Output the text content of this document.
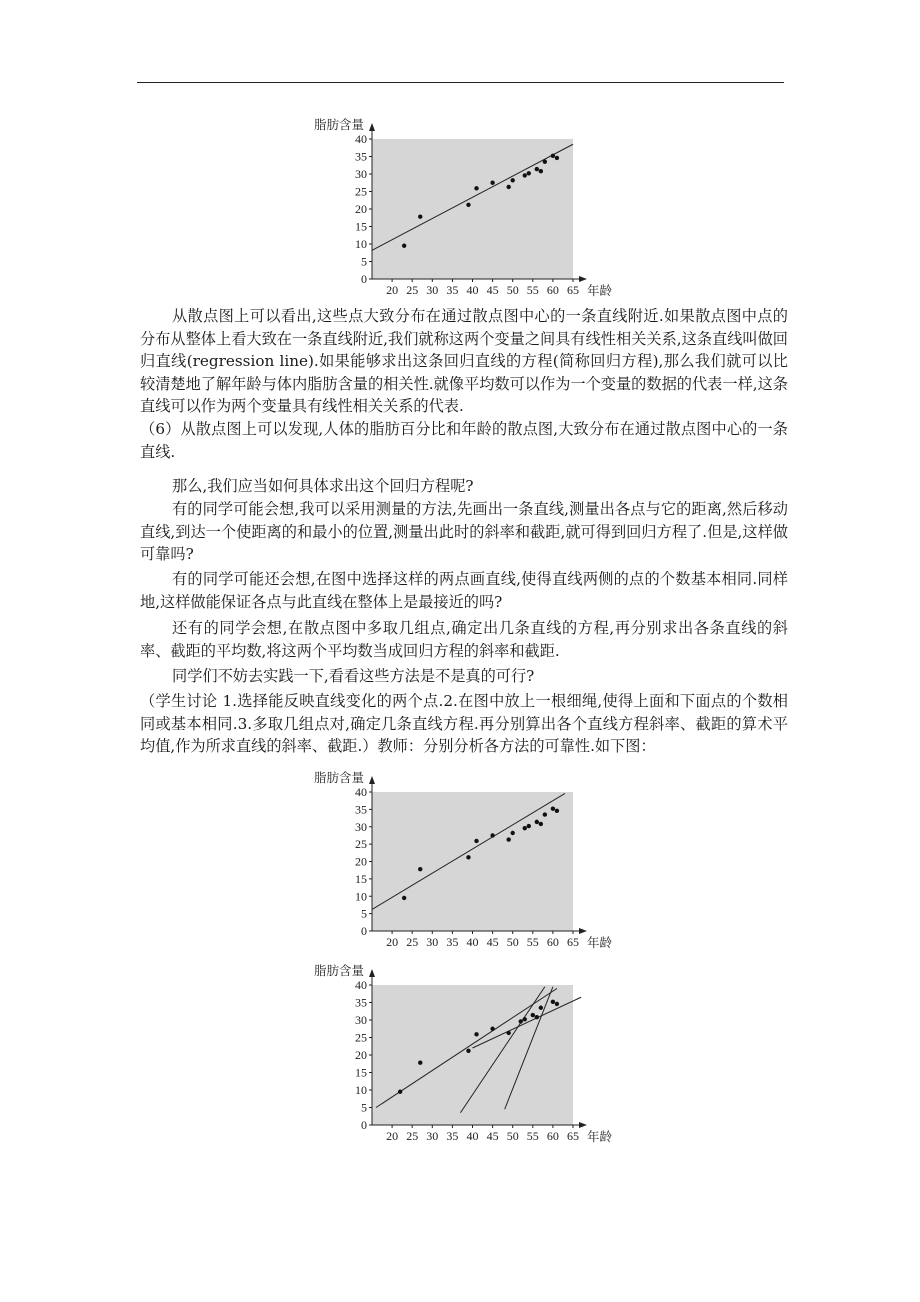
0
5
10
15
20
25
30
35
40
20 25 30 35 40 45 50 55 60 65
脂肪含量
年龄

从散点图上可以看出,这些点大致分布在通过散点图中心的一条直线附近.如果散点图中点的分布从整体上看大致在一条直线附近,我们就称这两个变量之间具有线性相关关系,这条直线叫做回归直线(regression line).如果能够求出这条回归直线的方程(简称回归方程),那么我们就可以比较清楚地了解年龄与体内脂肪含量的相关性.就像平均数可以作为一个变量的数据的代表一样,这条直线可以作为两个变量具有线性相关关系的代表.

（6）从散点图上可以发现,人体的脂肪百分比和年龄的散点图,大致分布在通过散点图中心的一条直线.

那么,我们应当如何具体求出这个回归方程呢?

有的同学可能会想,我可以采用测量的方法,先画出一条直线,测量出各点与它的距离,然后移动直线,到达一个使距离的和最小的位置,测量出此时的斜率和截距,就可得到回归方程了.但是,这样做可靠吗?

有的同学可能还会想,在图中选择这样的两点画直线,使得直线两侧的点的个数基本相同.同样地,这样做能保证各点与此直线在整体上是最接近的吗?

还有的同学会想,在散点图中多取几组点,确定出几条直线的方程,再分别求出各条直线的斜率、截距的平均数,将这两个平均数当成回归方程的斜率和截距.

同学们不妨去实践一下,看看这些方法是不是真的可行?

（学生讨论 1.选择能反映直线变化的两个点.2.在图中放上一根细绳,使得上面和下面点的个数相同或基本相同.3.多取几组点对,确定几条直线方程.再分别算出各个直线方程斜率、截距的算术平均值,作为所求直线的斜率、截距.）教师：分别分析各方法的可靠性.如下图：

0
5
10
15
20
25
30
35
40
20 25 30 35 40 45 50 55 60 65
脂肪含量
年龄
0
5
10
15
20
25
30
35
40
20 25 30 35 40 45 50 55 60 65
脂肪含量
年龄
